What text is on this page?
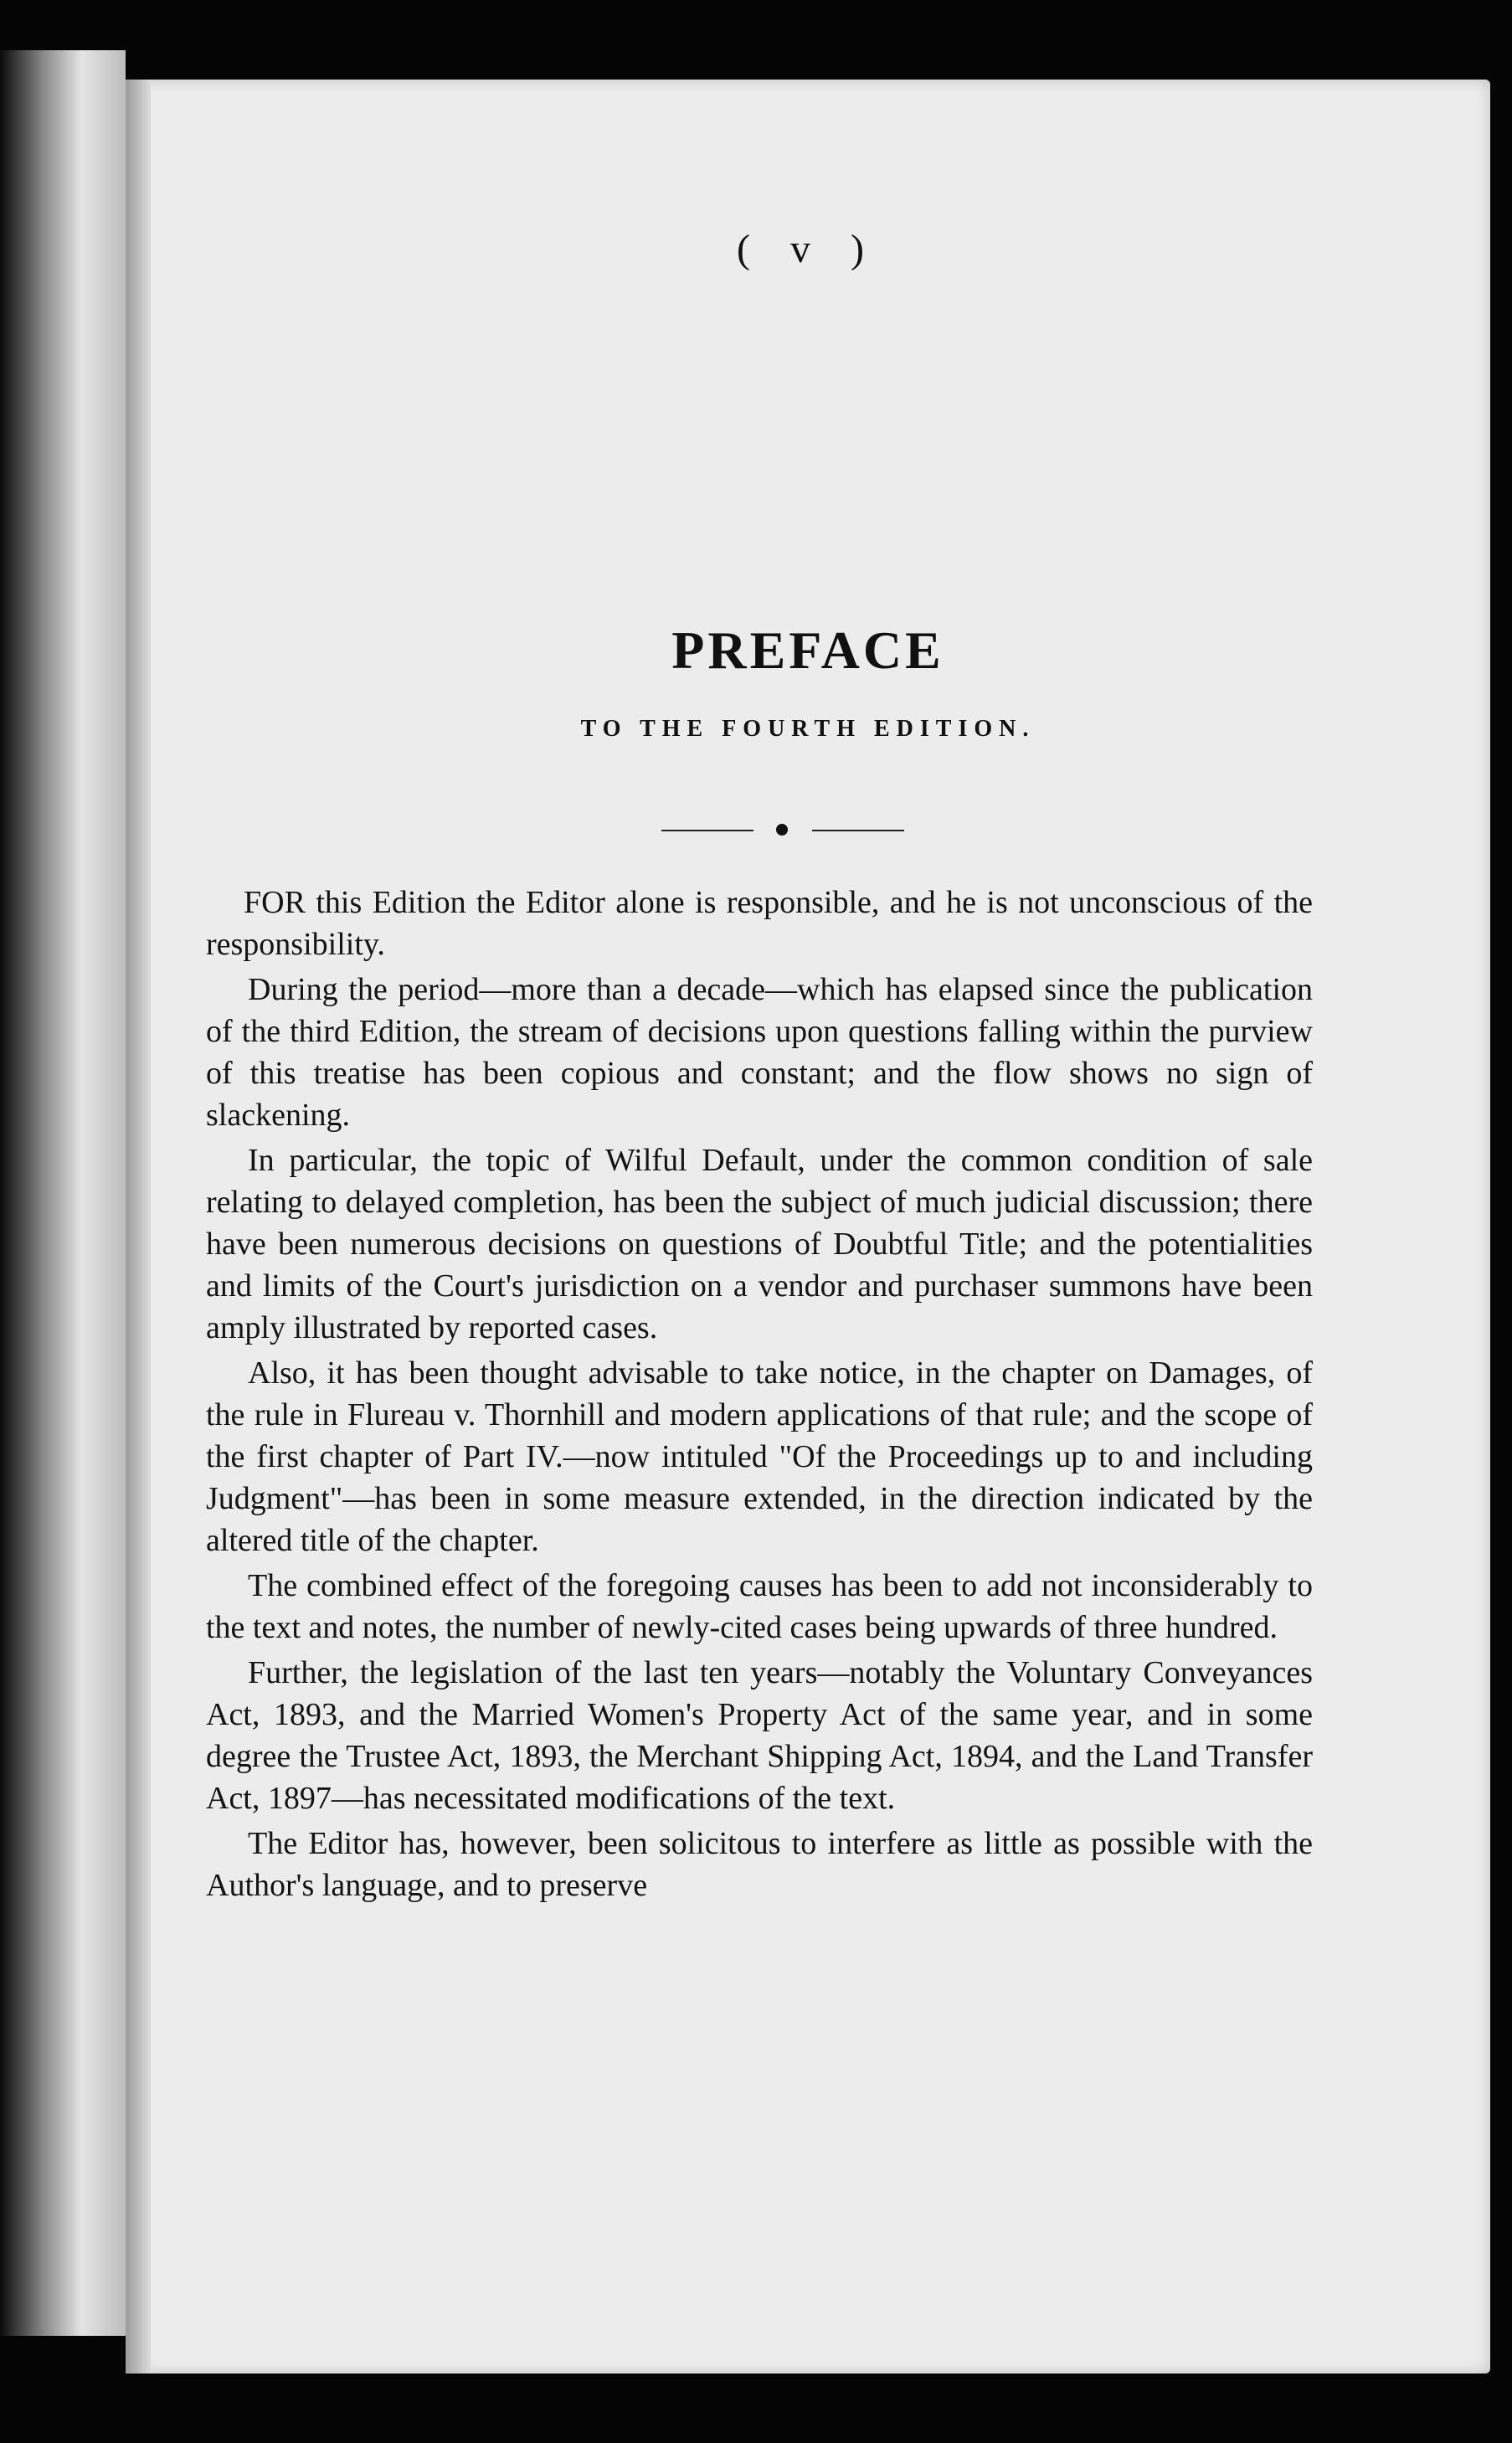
( v )
PREFACE
TO THE FOURTH EDITION.

FOR this Edition the Editor alone is responsible, and he is not unconscious of the responsibility.

During the period—more than a decade—which has elapsed since the publication of the third Edition, the stream of decisions upon questions falling within the purview of this treatise has been copious and constant; and the flow shows no sign of slackening.

In particular, the topic of Wilful Default, under the common condition of sale relating to delayed completion, has been the subject of much judicial discussion; there have been numerous decisions on questions of Doubtful Title; and the potentialities and limits of the Court's jurisdiction on a vendor and purchaser summons have been amply illustrated by reported cases.

Also, it has been thought advisable to take notice, in the chapter on Damages, of the rule in Flureau v. Thornhill and modern applications of that rule; and the scope of the first chapter of Part IV.—now intituled "Of the Proceedings up to and including Judgment"—has been in some measure extended, in the direction indicated by the altered title of the chapter.

The combined effect of the foregoing causes has been to add not inconsiderably to the text and notes, the number of newly-cited cases being upwards of three hundred.

Further, the legislation of the last ten years—notably the Voluntary Conveyances Act, 1893, and the Married Women's Property Act of the same year, and in some degree the Trustee Act, 1893, the Merchant Shipping Act, 1894, and the Land Transfer Act, 1897—has necessitated modifications of the text.

The Editor has, however, been solicitous to interfere as little as possible with the Author's language, and to preserve
